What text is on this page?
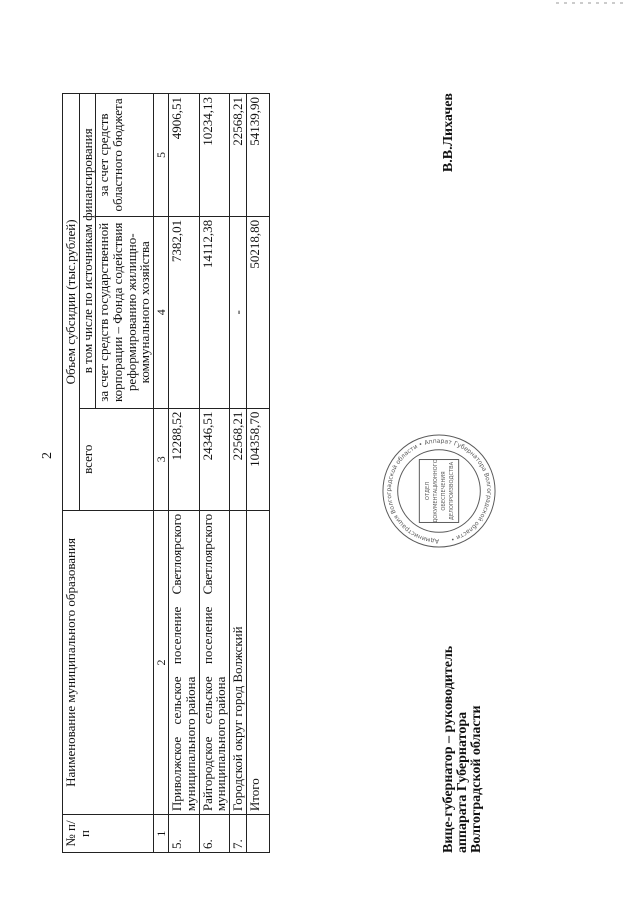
2
№ п/п	Наименование муниципального образования	Объем субсидии (тыс.рублей)		
		всего	в том числе по источникам финансирования	
			за счет средств государственной корпорации – Фонда содействия реформированию жилищно-коммунального хозяйства	за счет средств областного бюджета
1	2	3	4	5
5.	Приволжское сельское поселение Светлоярского муниципального района	12288,52	7382,01	4906,51
6.	Райгородское сельское поселение Светлоярского муниципального района	24346,51	14112,38	10234,13
7.	Городской округ город Волжский	22568,21	-	22568,21
	Итого	104358,70	50218,80	54139,90
Администрация Волгоградской области • Аппарат Губернатора Волгоградской области •
ОТДЕЛ ДОКУМЕНТАЦИОННОГО ОБЕСПЕЧЕНИЯ ДЕЛОПРОИЗВОДСТВА
Вице-губернатор – руководитель аппарата Губернатора Волгоградской области
В.В.Лихачев
